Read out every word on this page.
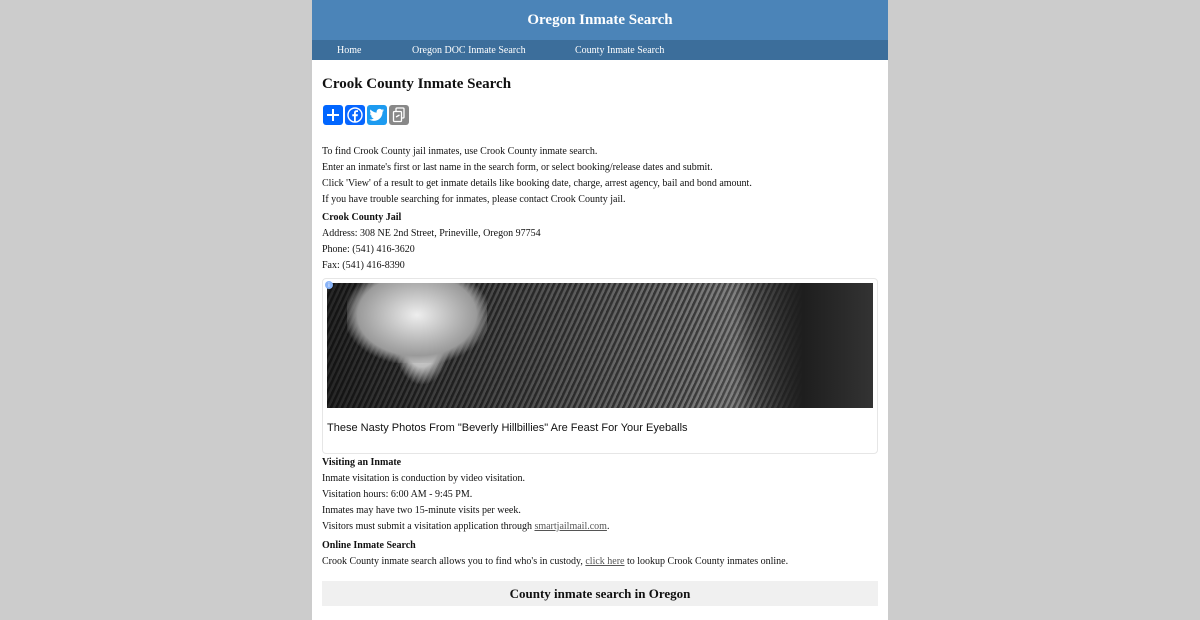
Oregon Inmate Search
Home	Oregon DOC Inmate Search	County Inmate Search
Crook County Inmate Search

To find Crook County jail inmates, use Crook County inmate search.

Enter an inmate's first or last name in the search form, or select booking/release dates and submit.

Click 'View' of a result to get inmate details like booking date, charge, arrest agency, bail and bond amount.

If you have trouble searching for inmates, please contact Crook County jail.

Crook County Jail

Address: 308 NE 2nd Street, Prineville, Oregon 97754

Phone: (541) 416-3620

Fax: (541) 416-8390

i
These Nasty Photos From "Beverly Hillbillies" Are Feast For Your Eyeballs

Visiting an Inmate

Inmate visitation is conduction by video visitation.

Visitation hours: 6:00 AM - 9:45 PM.

Inmates may have two 15-minute visits per week.

Visitors must submit a visitation application through smartjailmail.com.

Online Inmate Search

Crook County inmate search allows you to find who's in custody, click here to lookup Crook County inmates online.

County inmate search in Oregon
